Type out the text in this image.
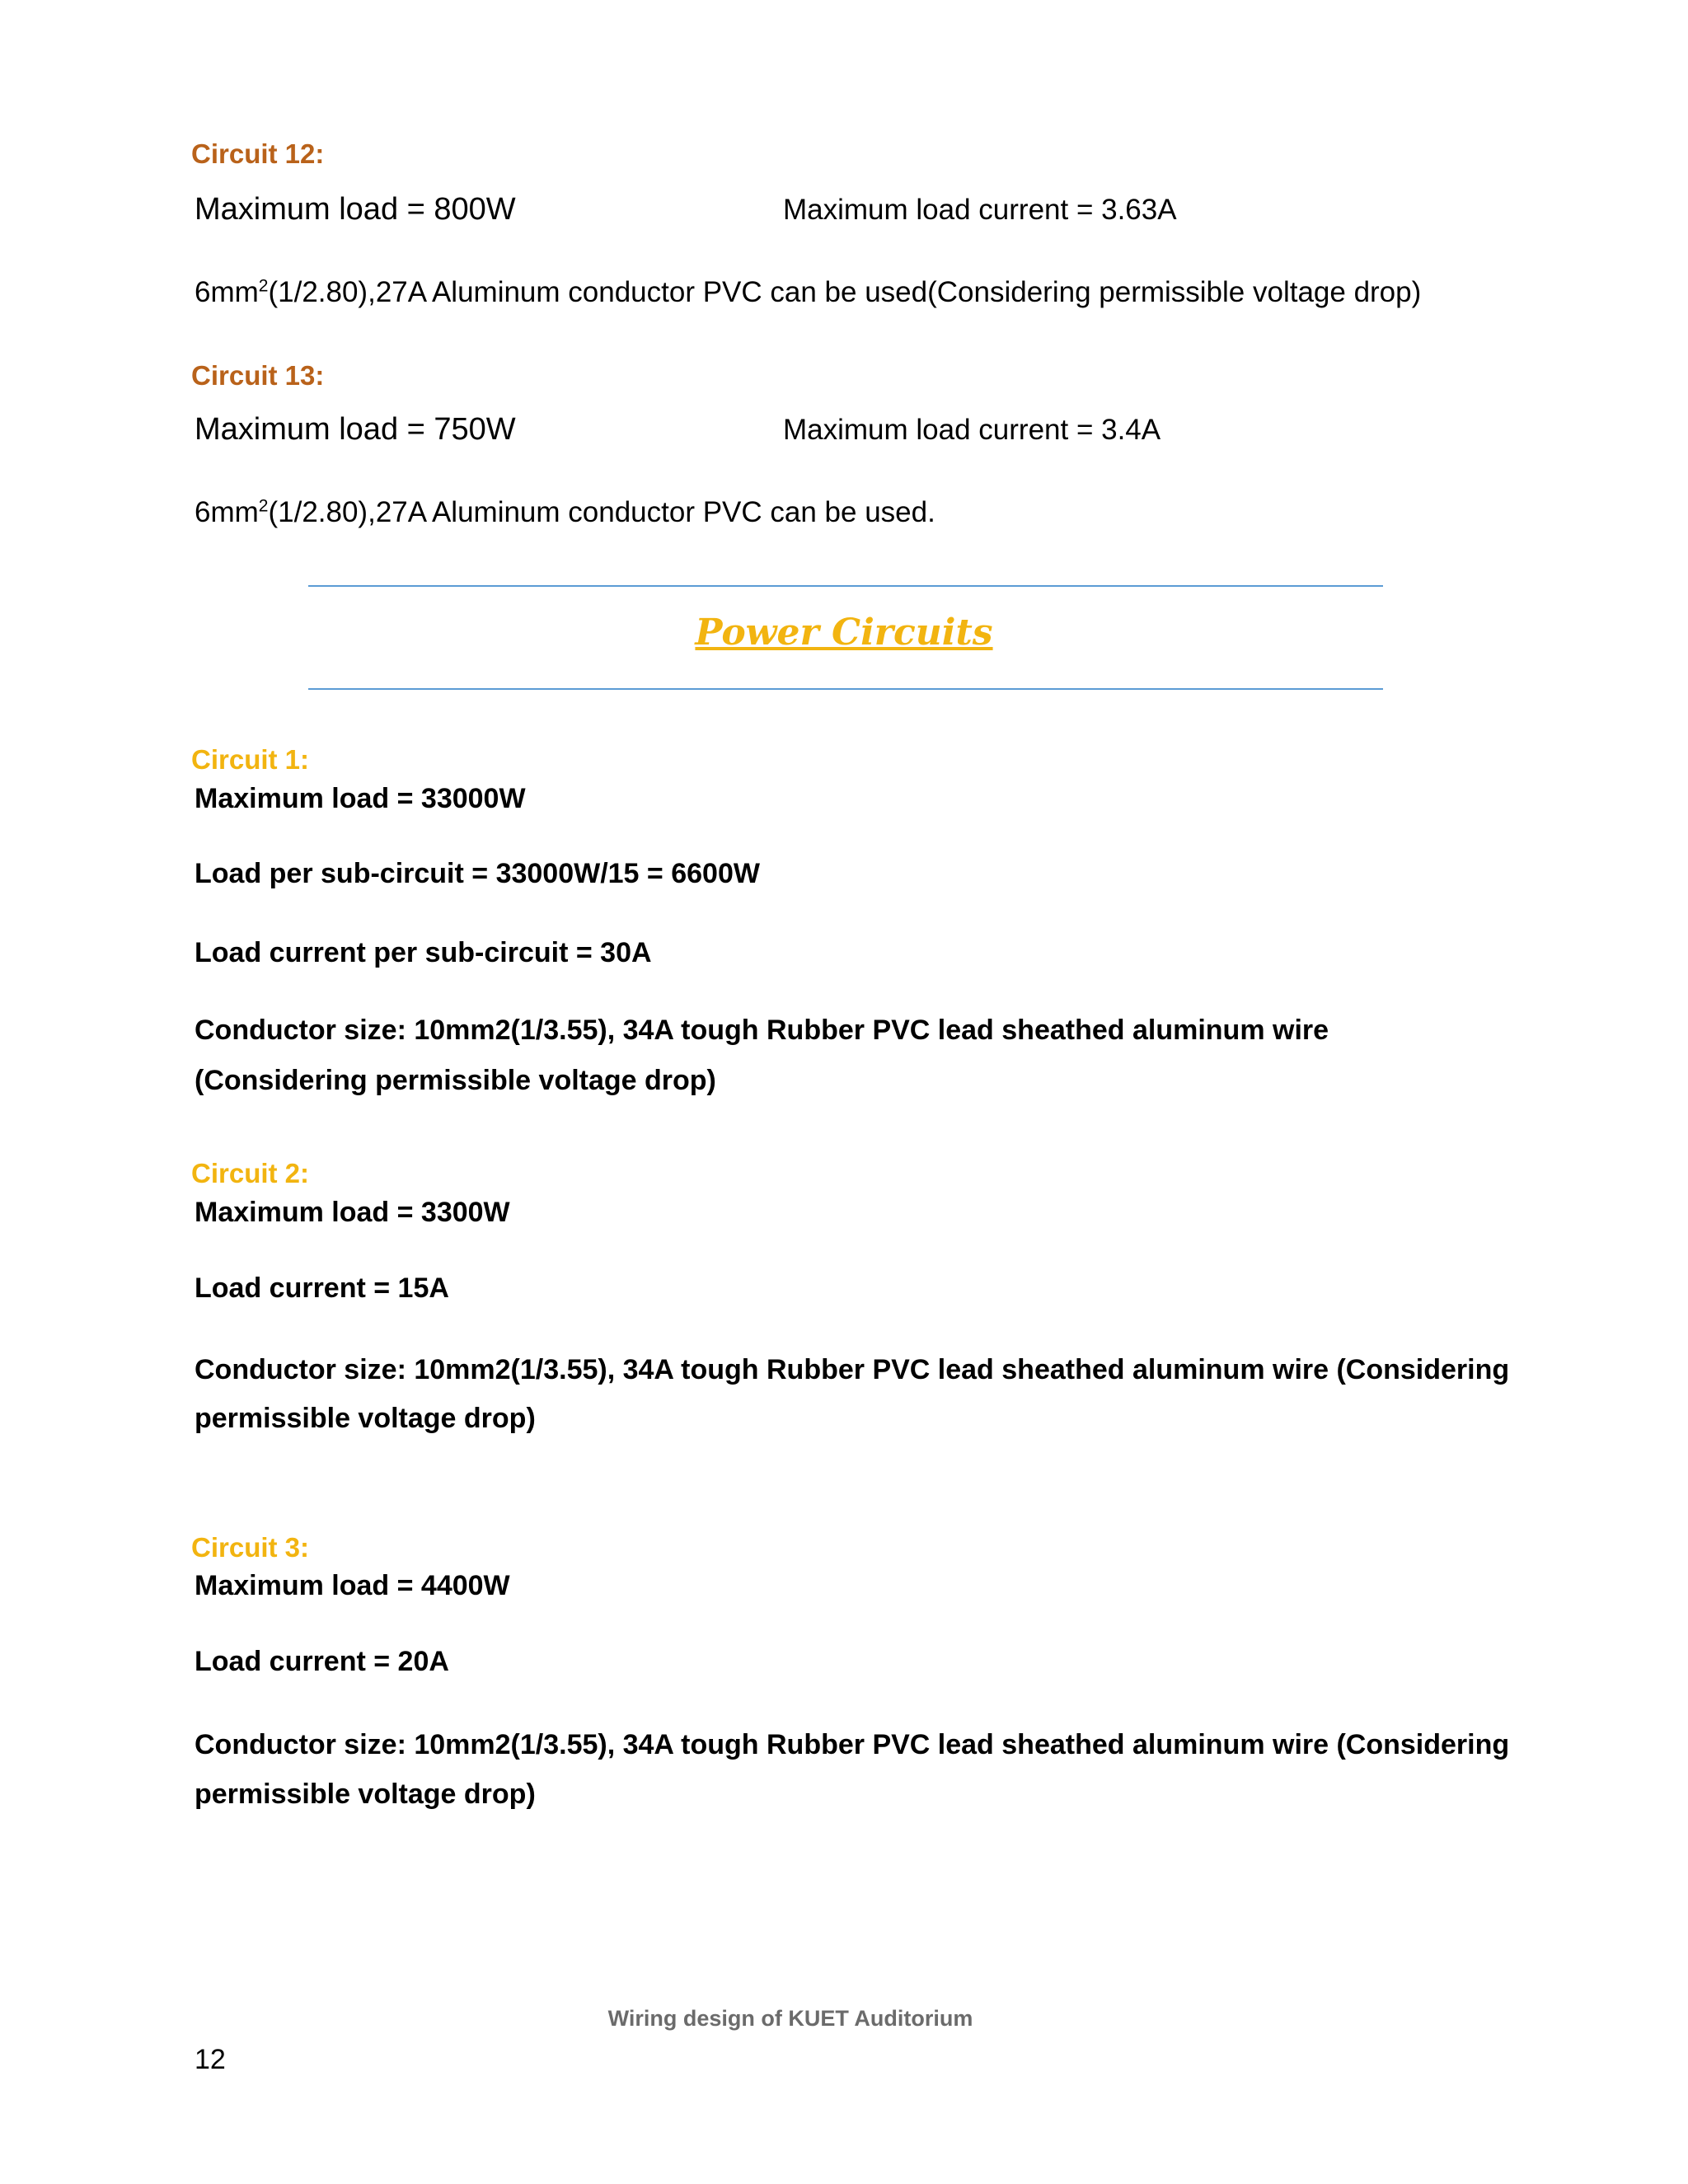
Circuit 12:
Maximum load = 800W	Maximum load current = 3.63A
$6mm^2(1/2.80),27A$ Aluminum conductor PVC can be used(Considering permissible voltage drop)
Circuit 13:
Maximum load = 750W	Maximum load current = 3.4A
$6mm^2(1/2.80),27A$ Aluminum conductor PVC can be used.
Power Circuits
Circuit 1:
Maximum load = 33000W
Load per sub-circuit = 33000W/15 = 6600W
Load current per sub-circuit = 30A
Conductor size: 10mm2(1/3.55), 34A tough Rubber PVC lead sheathed aluminum wire
(Considering permissible voltage drop)
Circuit 2:
Maximum load = 3300W
Load current = 15A
Conductor size: 10mm2(1/3.55), 34A tough Rubber PVC lead sheathed aluminum wire (Considering
permissible voltage drop)
Circuit 3:
Maximum load = 4400W
Load current = 20A
Conductor size: 10mm2(1/3.55), 34A tough Rubber PVC lead sheathed aluminum wire (Considering
permissible voltage drop)
Wiring design of KUET Auditorium
12
